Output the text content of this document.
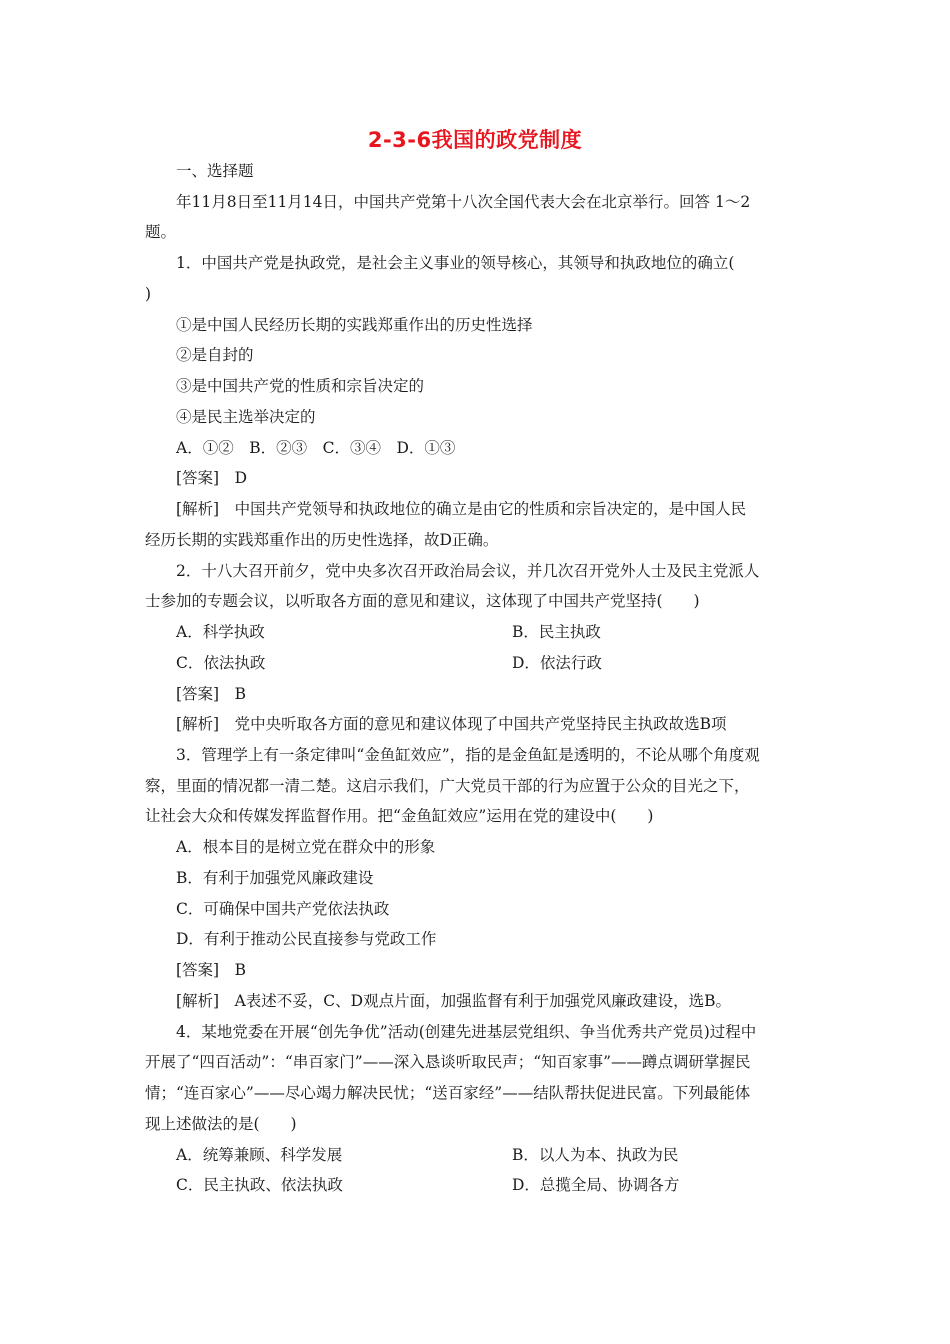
2-3-6我国的政党制度
一、选择题
年11月8日至11月14日，中国共产党第十八次全国代表大会在北京举行。回答 1～2
题。
1．中国共产党是执政党，是社会主义事业的领导核心，其领导和执政地位的确立(
)
①是中国人民经历长期的实践郑重作出的历史性选择
②是自封的
③是中国共产党的性质和宗旨决定的
④是民主选举决定的
A．①②　B．②③　C．③④　D．①③
[答案]　D
[解析]　中国共产党领导和执政地位的确立是由它的性质和宗旨决定的，是中国人民
经历长期的实践郑重作出的历史性选择，故D正确。
2．十八大召开前夕，党中央多次召开政治局会议，并几次召开党外人士及民主党派人
士参加的专题会议，以听取各方面的意见和建议，这体现了中国共产党坚持(　　)
A．科学执政	B．民主执政
C．依法执政	D．依法行政
[答案]　B
[解析]　党中央听取各方面的意见和建议体现了中国共产党坚持民主执政故选B项
3．管理学上有一条定律叫“金鱼缸效应”，指的是金鱼缸是透明的，不论从哪个角度观
察，里面的情况都一清二楚。这启示我们，广大党员干部的行为应置于公众的目光之下，
让社会大众和传媒发挥监督作用。把“金鱼缸效应”运用在党的建设中(　　)
A．根本目的是树立党在群众中的形象
B．有利于加强党风廉政建设
C．可确保中国共产党依法执政
D．有利于推动公民直接参与党政工作
[答案]　B
[解析]　A表述不妥，C、D观点片面，加强监督有利于加强党风廉政建设，选B。
4．某地党委在开展“创先争优”活动(创建先进基层党组织、争当优秀共产党员)过程中
开展了“四百活动”：“串百家门”——深入恳谈听取民声；“知百家事”——蹲点调研掌握民
情；“连百家心”——尽心竭力解决民忧；“送百家经”——结队帮扶促进民富。下列最能体
现上述做法的是(　　)
A．统筹兼顾、科学发展	B．以人为本、执政为民
C．民主执政、依法执政	D．总揽全局、协调各方
